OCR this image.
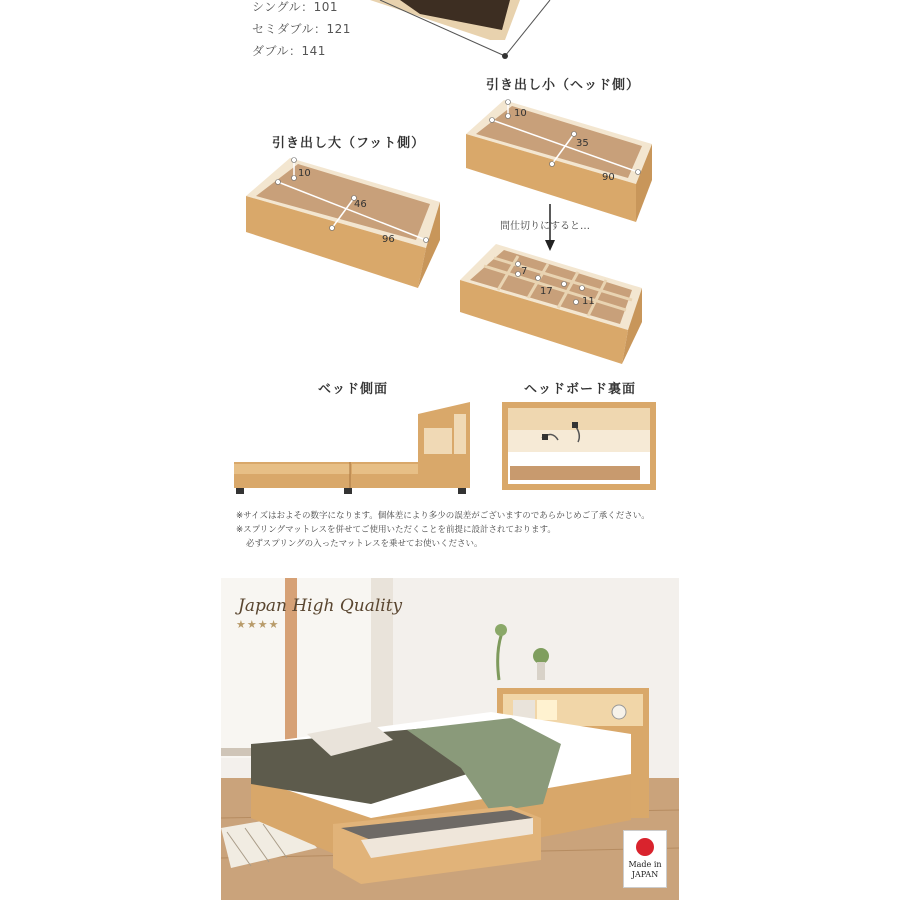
シングル：101
セミダブル：121
ダブル：141
引き出し小（ヘッド側）
10
35
90
引き出し大（フット側）
10
46
96
間仕切りにすると…
7
17
11
ベッド側面	ヘッドボード裏面
※サイズはおよその数字になります。個体差により多少の誤差がございますのであらかじめご了承ください。
※スプリングマットレスを併せてご使用いただくことを前提に設計されております。
必ずスプリングの入ったマットレスを乗せてお使いください。
Japan High Quality
★★★★
Made in
JAPAN
